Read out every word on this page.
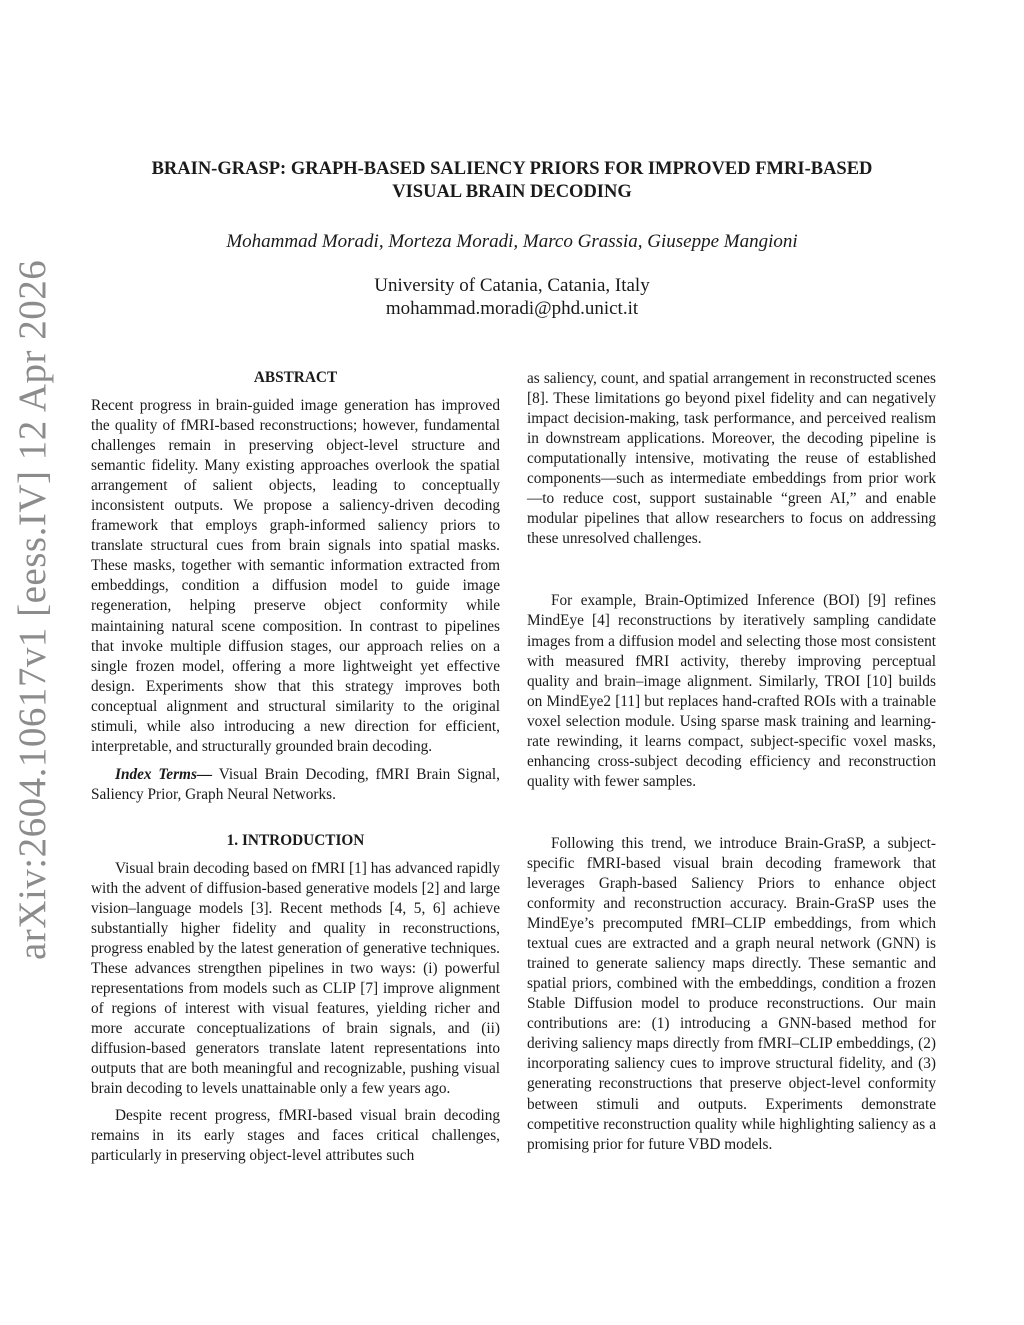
arXiv:2604.10617v1 [eess.IV] 12 Apr 2026
BRAIN-GRASP: GRAPH-BASED SALIENCY PRIORS FOR IMPROVED FMRI-BASED
VISUAL BRAIN DECODING
Mohammad Moradi, Morteza Moradi, Marco Grassia, Giuseppe Mangioni
University of Catania, Catania, Italy
mohammad.moradi@phd.unict.it
ABSTRACT

Recent progress in brain-guided image generation has improved the quality of fMRI-based reconstructions; however, fundamental challenges remain in preserving object-level structure and semantic fidelity. Many existing approaches overlook the spatial arrangement of salient objects, leading to conceptually inconsistent outputs. We propose a saliency-driven decoding framework that employs graph-informed saliency priors to translate structural cues from brain signals into spatial masks. These masks, together with semantic information extracted from embeddings, condition a diffusion model to guide image regeneration, helping preserve object conformity while maintaining natural scene composition. In contrast to pipelines that invoke multiple diffusion stages, our approach relies on a single frozen model, offering a more lightweight yet effective design. Experiments show that this strategy improves both conceptual alignment and structural similarity to the original stimuli, while also introducing a new direction for efficient, interpretable, and structurally grounded brain decoding.

Index Terms— Visual Brain Decoding, fMRI Brain Signal, Saliency Prior, Graph Neural Networks.

1. INTRODUCTION

Visual brain decoding based on fMRI [1] has advanced rapidly with the advent of diffusion-based generative models [2] and large vision–language models [3]. Recent methods [4, 5, 6] achieve substantially higher fidelity and quality in reconstructions, progress enabled by the latest generation of generative techniques. These advances strengthen pipelines in two ways: (i) powerful representations from models such as CLIP [7] improve alignment of regions of interest with visual features, yielding richer and more accurate conceptualizations of brain signals, and (ii) diffusion-based generators translate latent representations into outputs that are both meaningful and recognizable, pushing visual brain decoding to levels unattainable only a few years ago.

Despite recent progress, fMRI-based visual brain decoding remains in its early stages and faces critical challenges, particularly in preserving object-level attributes such

as saliency, count, and spatial arrangement in reconstructed scenes [8]. These limitations go beyond pixel fidelity and can negatively impact decision-making, task performance, and perceived realism in downstream applications. Moreover, the decoding pipeline is computationally intensive, motivating the reuse of established components—such as intermediate embeddings from prior work—to reduce cost, support sustainable “green AI,” and enable modular pipelines that allow researchers to focus on addressing these unresolved challenges.

For example, Brain-Optimized Inference (BOI) [9] refines MindEye [4] reconstructions by iteratively sampling candidate images from a diffusion model and selecting those most consistent with measured fMRI activity, thereby improving perceptual quality and brain–image alignment. Similarly, TROI [10] builds on MindEye2 [11] but replaces hand-crafted ROIs with a trainable voxel selection module. Using sparse mask training and learning-rate rewinding, it learns compact, subject-specific voxel masks, enhancing cross-subject decoding efficiency and reconstruction quality with fewer samples.

Following this trend, we introduce Brain-GraSP, a subject-specific fMRI-based visual brain decoding framework that leverages Graph-based Saliency Priors to enhance object conformity and reconstruction accuracy. Brain-GraSP uses the MindEye’s precomputed fMRI–CLIP embeddings, from which textual cues are extracted and a graph neural network (GNN) is trained to generate saliency maps directly. These semantic and spatial priors, combined with the embeddings, condition a frozen Stable Diffusion model to produce reconstructions. Our main contributions are: (1) introducing a GNN-based method for deriving saliency maps directly from fMRI–CLIP embeddings, (2) incorporating saliency cues to improve structural fidelity, and (3) generating reconstructions that preserve object-level conformity between stimuli and outputs. Experiments demonstrate competitive reconstruction quality while highlighting saliency as a promising prior for future VBD models.
